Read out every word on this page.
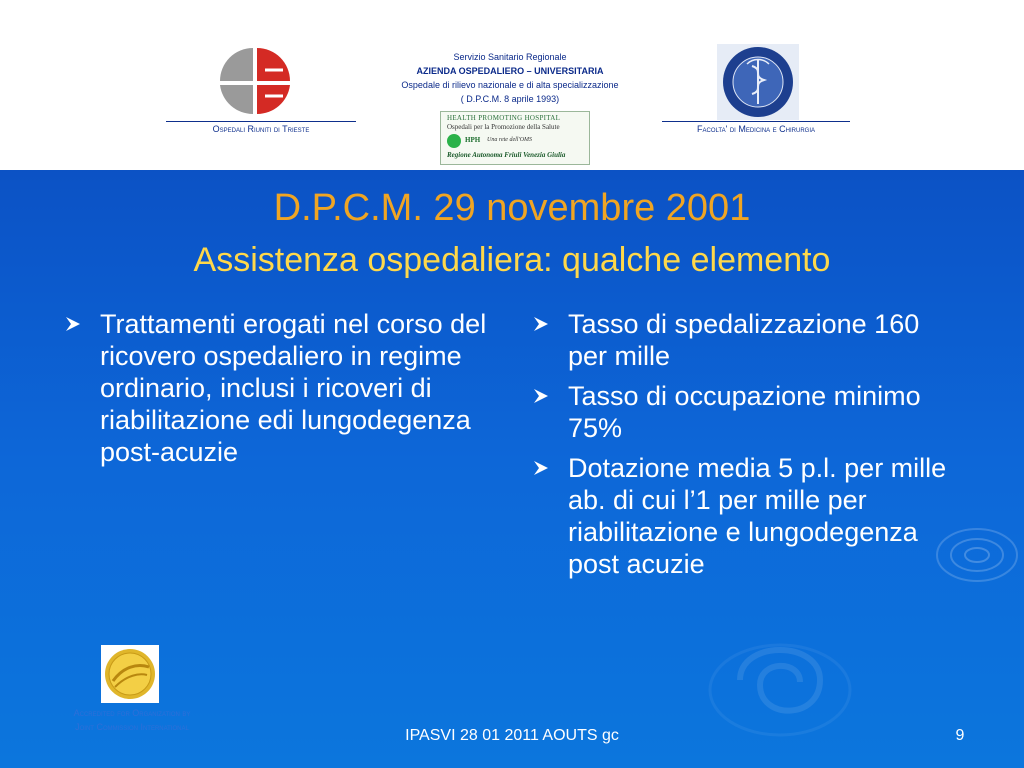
Ospedali Riuniti di Trieste
Servizio Sanitario Regionale
AZIENDA OSPEDALIERO – UNIVERSITARIA
Ospedale di rilievo nazionale e di alta specializzazione
( D.P.C.M. 8 aprile 1993)
HEALTH PROMOTING HOSPITAL
Ospedali per la Promozione della Salute
HPH Una rete dell'OMS
Regione Autonoma Friuli Venezia Giulia
Facolta' di Medicina e Chirurgia
D.P.C.M. 29 novembre 2001
Assistenza ospedaliera: qualche elemento
Trattamenti erogati nel corso del ricovero ospedaliero in regime ordinario, inclusi i ricoveri di riabilitazione edi lungodegenza post-acuzie
Tasso di spedalizzazione 160 per mille
Tasso di occupazione minimo 75%
Dotazione media 5 p.l. per mille ab. di cui l’1 per mille per riabilitazione e lungodegenza post acuzie
Accredited for Organization by
Joint Commission International	IPASVI 28 01 2011 AOUTS gc	9
